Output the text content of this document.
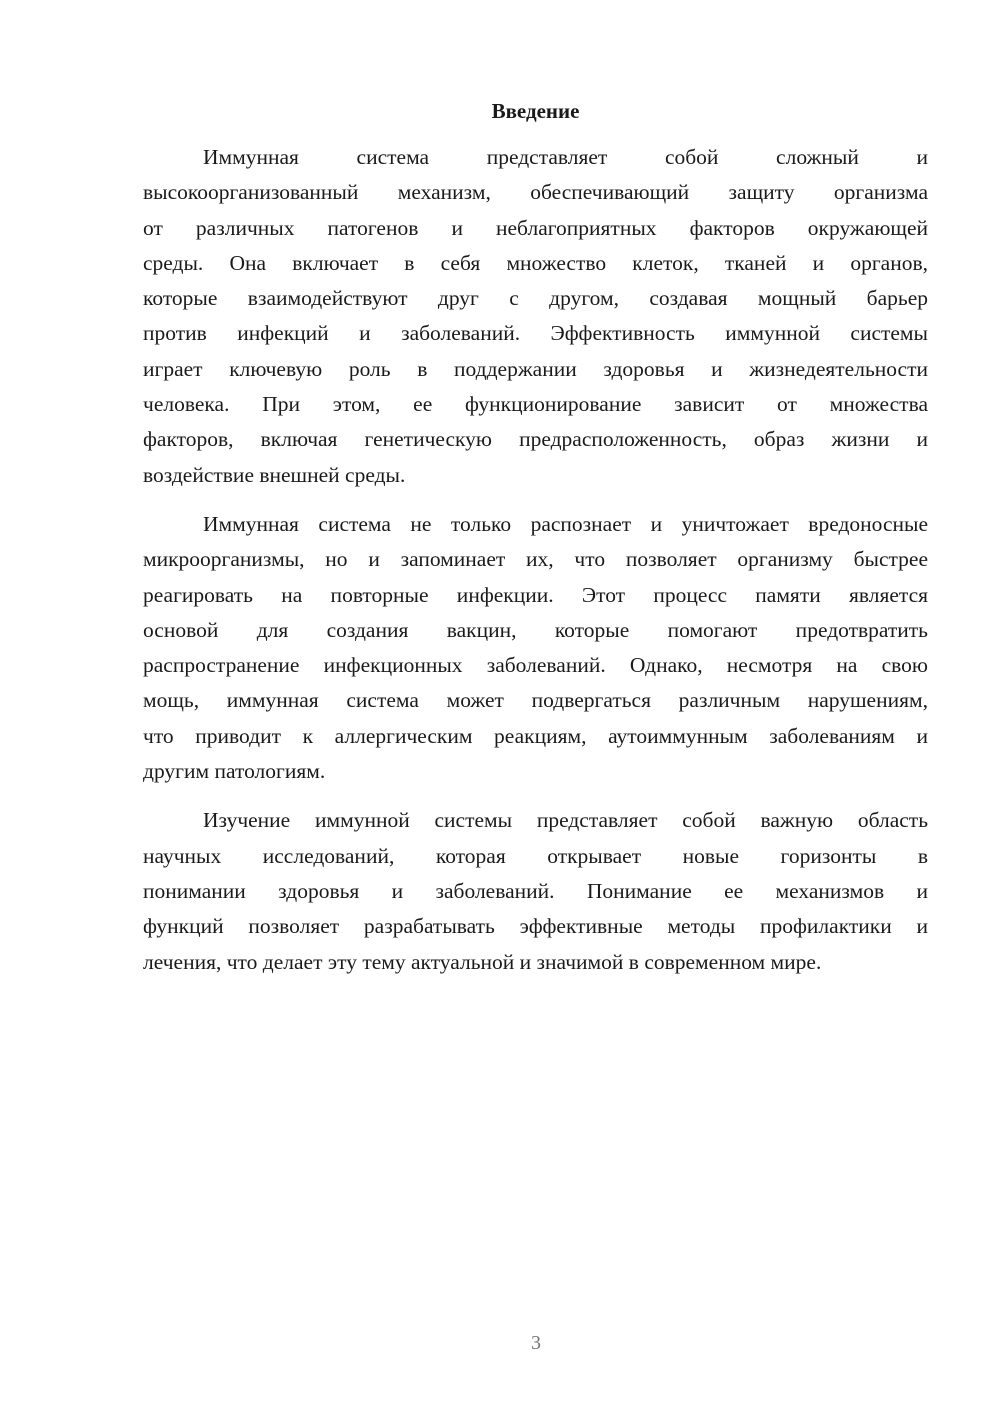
Введение
Иммунная система представляет собой сложный и
высокоорганизованный механизм, обеспечивающий защиту организма
от различных патогенов и неблагоприятных факторов окружающей
среды. Она включает в себя множество клеток, тканей и органов,
которые взаимодействуют друг с другом, создавая мощный барьер
против инфекций и заболеваний. Эффективность иммунной системы
играет ключевую роль в поддержании здоровья и жизнедеятельности
человека. При этом, ее функционирование зависит от множества
факторов, включая генетическую предрасположенность, образ жизни и
воздействие внешней среды.
Иммунная система не только распознает и уничтожает вредоносные
микроорганизмы, но и запоминает их, что позволяет организму быстрее
реагировать на повторные инфекции. Этот процесс памяти является
основой для создания вакцин, которые помогают предотвратить
распространение инфекционных заболеваний. Однако, несмотря на свою
мощь, иммунная система может подвергаться различным нарушениям,
что приводит к аллергическим реакциям, аутоиммунным заболеваниям и
другим патологиям.
Изучение иммунной системы представляет собой важную область
научных исследований, которая открывает новые горизонты в
понимании здоровья и заболеваний. Понимание ее механизмов и
функций позволяет разрабатывать эффективные методы профилактики и
лечения, что делает эту тему актуальной и значимой в современном мире.
3
